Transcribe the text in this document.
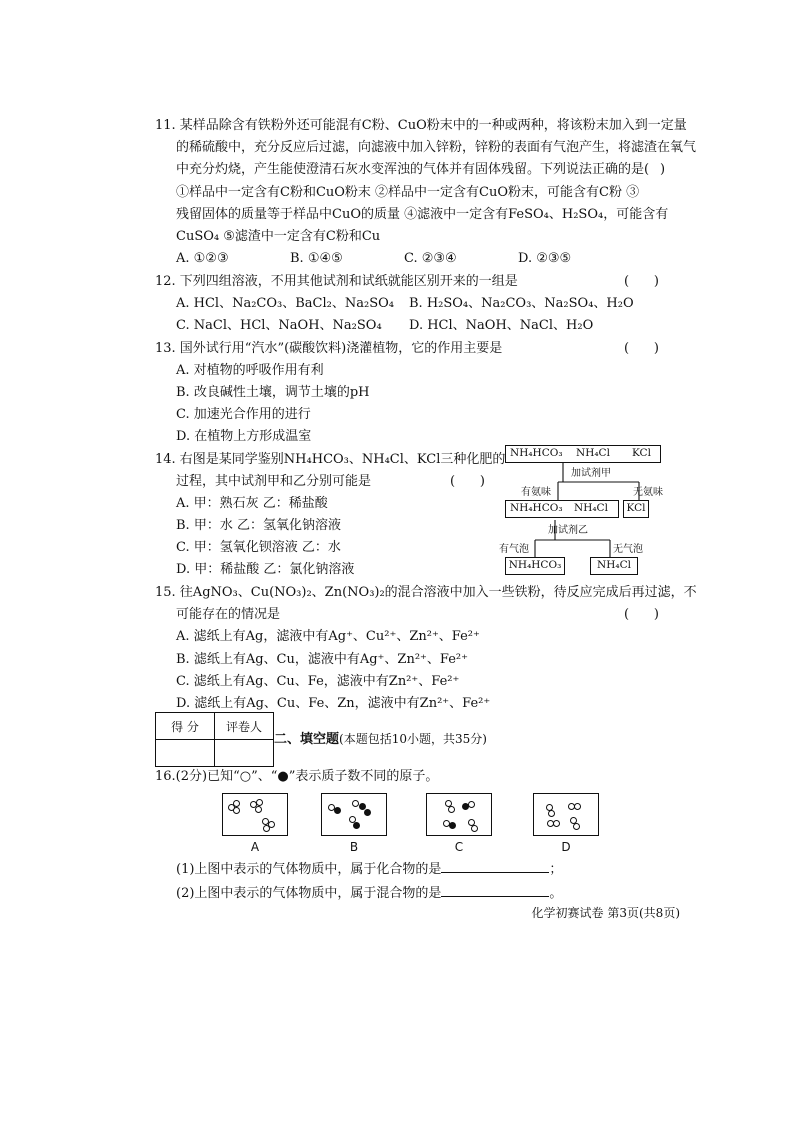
11. 某样品除含有铁粉外还可能混有C粉、CuO粉末中的一种或两种，将该粉末加入到一定量
的稀硫酸中，充分反应后过滤，向滤液中加入锌粉，锌粉的表面有气泡产生，将滤渣在氧气
中充分灼烧，产生能使澄清石灰水变浑浊的气体并有固体残留。下列说法正确的是( )
①样品中一定含有C粉和CuO粉末 ②样品中一定含有CuO粉末，可能含有C粉 ③
残留固体的质量等于样品中CuO的质量 ④滤液中一定含有FeSO₄、H₂SO₄，可能含有
CuSO₄ ⑤滤渣中一定含有C粉和Cu
A. ①②③	B. ①④⑤	C. ②③④	D. ②③⑤
12. 下列四组溶液，不用其他试剂和试纸就能区别开来的一组是	(      )
A. HCl、Na₂CO₃、BaCl₂、Na₂SO₄ B. H₂SO₄、Na₂CO₃、Na₂SO₄、H₂O
C. NaCl、HCl、NaOH、Na₂SO₄ D. HCl、NaOH、NaCl、H₂O
13. 国外试行用“汽水”(碳酸饮料)浇灌植物，它的作用主要是	(      )
A. 对植物的呼吸作用有利
B. 改良碱性土壤，调节土壤的pH
C. 加速光合作用的进行
D. 在植物上方形成温室
14. 右图是某同学鉴别NH₄HCO₃、NH₄Cl、KCl三种化肥的
过程，其中试剂甲和乙分别可能是	(      )
A. 甲：熟石灰 乙：稀盐酸
B. 甲：水 乙：氢氧化钠溶液
C. 甲：氢氧化钡溶液 乙：水
D. 甲：稀盐酸 乙：氯化钠溶液
NH₄HCO₃ NH₄Cl KCl
加试剂甲
有氨味	无氨味
NH₄HCO₃ NH₄Cl	KCl
加试剂乙
有气泡	无气泡
NH₄HCO₃	NH₄Cl
15. 往AgNO₃、Cu(NO₃)₂、Zn(NO₃)₂的混合溶液中加入一些铁粉，待反应完成后再过滤，不
可能存在的情况是	(      )
A. 滤纸上有Ag，滤液中有Ag⁺、Cu²⁺、Zn²⁺、Fe²⁺
B. 滤纸上有Ag、Cu，滤液中有Ag⁺、Zn²⁺、Fe²⁺
C. 滤纸上有Ag、Cu、Fe，滤液中有Zn²⁺、Fe²⁺
D. 滤纸上有Ag、Cu、Fe、Zn，滤液中有Zn²⁺、Fe²⁺
得 分	评卷人

二、填空题(本题包括10小题，共35分)
16.(2分)已知“○”、“●”表示质子数不同的原子。
A	B	C	D
(1)上图中表示的气体物质中，属于化合物的是	；
(2)上图中表示的气体物质中，属于混合物的是	。
化学初赛试卷 第3页(共8页)
